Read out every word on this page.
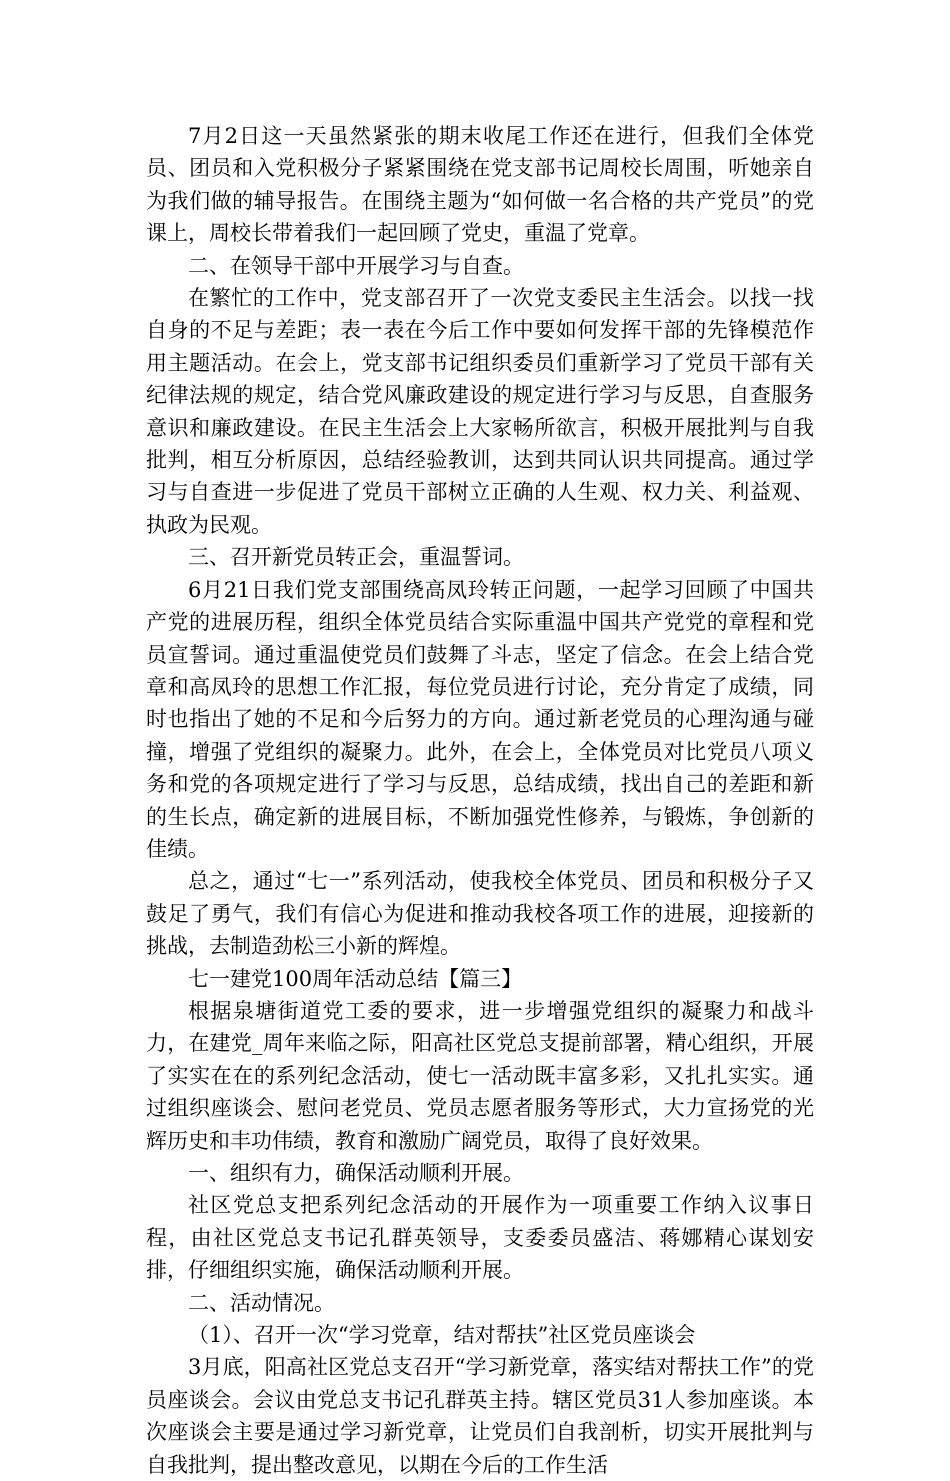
7月2日这一天虽然紧张的期末收尾工作还在进行，但我们全体党员、团员和入党积极分子紧紧围绕在党支部书记周校长周围，听她亲自为我们做的辅导报告。在围绕主题为“如何做一名合格的共产党员”的党课上，周校长带着我们一起回顾了党史，重温了党章。

二、在领导干部中开展学习与自查。

在繁忙的工作中，党支部召开了一次党支委民主生活会。以找一找自身的不足与差距；表一表在今后工作中要如何发挥干部的先锋模范作用主题活动。在会上，党支部书记组织委员们重新学习了党员干部有关纪律法规的规定，结合党风廉政建设的规定进行学习与反思，自查服务意识和廉政建设。在民主生活会上大家畅所欲言，积极开展批判与自我批判，相互分析原因，总结经验教训，达到共同认识共同提高。通过学习与自查进一步促进了党员干部树立正确的人生观、权力关、利益观、执政为民观。

三、召开新党员转正会，重温誓词。

6月21日我们党支部围绕高凤玲转正问题，一起学习回顾了中国共产党的进展历程，组织全体党员结合实际重温中国共产党党的章程和党员宣誓词。通过重温使党员们鼓舞了斗志，坚定了信念。在会上结合党章和高凤玲的思想工作汇报，每位党员进行讨论，充分肯定了成绩，同时也指出了她的不足和今后努力的方向。通过新老党员的心理沟通与碰撞，增强了党组织的凝聚力。此外，在会上，全体党员对比党员八项义务和党的各项规定进行了学习与反思，总结成绩，找出自己的差距和新的生长点，确定新的进展目标，不断加强党性修养，与锻炼，争创新的佳绩。

总之，通过“七一”系列活动，使我校全体党员、团员和积极分子又鼓足了勇气，我们有信心为促进和推动我校各项工作的进展，迎接新的挑战，去制造劲松三小新的辉煌。

七一建党100周年活动总结【篇三】

根据泉塘街道党工委的要求，进一步增强党组织的凝聚力和战斗力，在建党_周年来临之际，阳高社区党总支提前部署，精心组织，开展了实实在在的系列纪念活动，使七一活动既丰富多彩，又扎扎实实。通过组织座谈会、慰问老党员、党员志愿者服务等形式，大力宣扬党的光辉历史和丰功伟绩，教育和激励广阔党员，取得了良好效果。

一、组织有力，确保活动顺利开展。

社区党总支把系列纪念活动的开展作为一项重要工作纳入议事日程，由社区党总支书记孔群英领导，支委委员盛洁、蒋娜精心谋划安排，仔细组织实施，确保活动顺利开展。

二、活动情况。

（1）、召开一次“学习党章，结对帮扶”社区党员座谈会

3月底，阳高社区党总支召开“学习新党章，落实结对帮扶工作”的党员座谈会。会议由党总支书记孔群英主持。辖区党员31人参加座谈。本次座谈会主要是通过学习新党章，让党员们自我剖析，切实开展批判与自我批判，提出整改意见，以期在今后的工作生活
